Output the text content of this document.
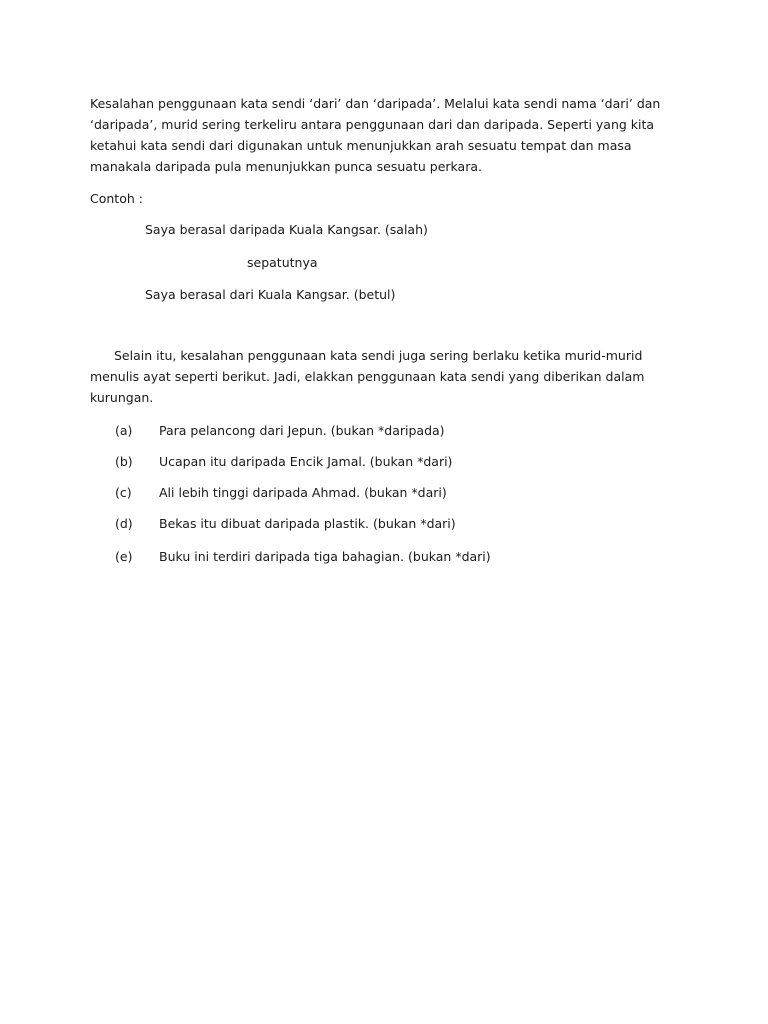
Kesalahan penggunaan kata sendi ‘dari’ dan ‘daripada’. Melalui kata sendi nama ‘dari’ dan
‘daripada’, murid sering terkeliru antara penggunaan dari dan daripada. Seperti yang kita
ketahui kata sendi dari digunakan untuk menunjukkan arah sesuatu tempat dan masa
manakala daripada pula menunjukkan punca sesuatu perkara.
Contoh :
Saya berasal daripada Kuala Kangsar. (salah)
sepatutnya
Saya berasal dari Kuala Kangsar. (betul)
Selain itu, kesalahan penggunaan kata sendi juga sering berlaku ketika murid-murid
menulis ayat seperti berikut. Jadi, elakkan penggunaan kata sendi yang diberikan dalam
kurungan.
(a) Para pelancong dari Jepun. (bukan *daripada)
(b) Ucapan itu daripada Encik Jamal. (bukan *dari)
(c) Ali lebih tinggi daripada Ahmad. (bukan *dari)
(d) Bekas itu dibuat daripada plastik. (bukan *dari)
(e) Buku ini terdiri daripada tiga bahagian. (bukan *dari)
